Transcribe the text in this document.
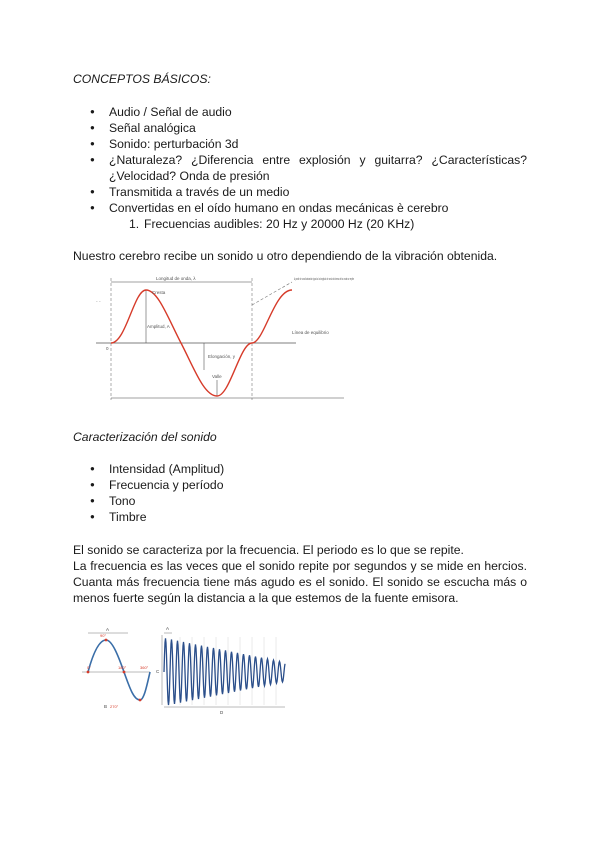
CONCEPTOS BÁSICOS:
● Audio / Señal de audio
● Señal analógica
● Sonido: perturbación 3d
● ¿Naturaleza? ¿Diferencia entre explosión y guitarra? ¿Características? ¿Velocidad? Onda de presión
● Transmitida a través de un medio
● Convertidas en el oído humano en ondas mecánicas è cerebro
1. Frecuencias audibles: 20 Hz y 20000 Hz (20 KHz)
Nuestro cerebro recibe un sonido u otro dependiendo de la vibración obtenida.
Longitud de onda, λ	A partir de una ilustración igual a la longitud de onda la forma de la onda se repite
Cresta
Línea de equilibrio
Amplitud, A
Elongación, y
Valle
0
- -
Caracterización del sonido
● Intensidad (Amplitud)
● Frecuencia y período
● Tono
● Timbre
El sonido se caracteriza por la frecuencia. El periodo es lo que se repite.
La frecuencia es las veces que el sonido repite por segundos y se mide en hercios. Cuanta más frecuencia tiene más agudo es el sonido. El sonido se escucha más o menos fuerte según la distancia a la que estemos de la fuente emisora.
A
90°
0°	180°	360°
B 270°
A
C
D
